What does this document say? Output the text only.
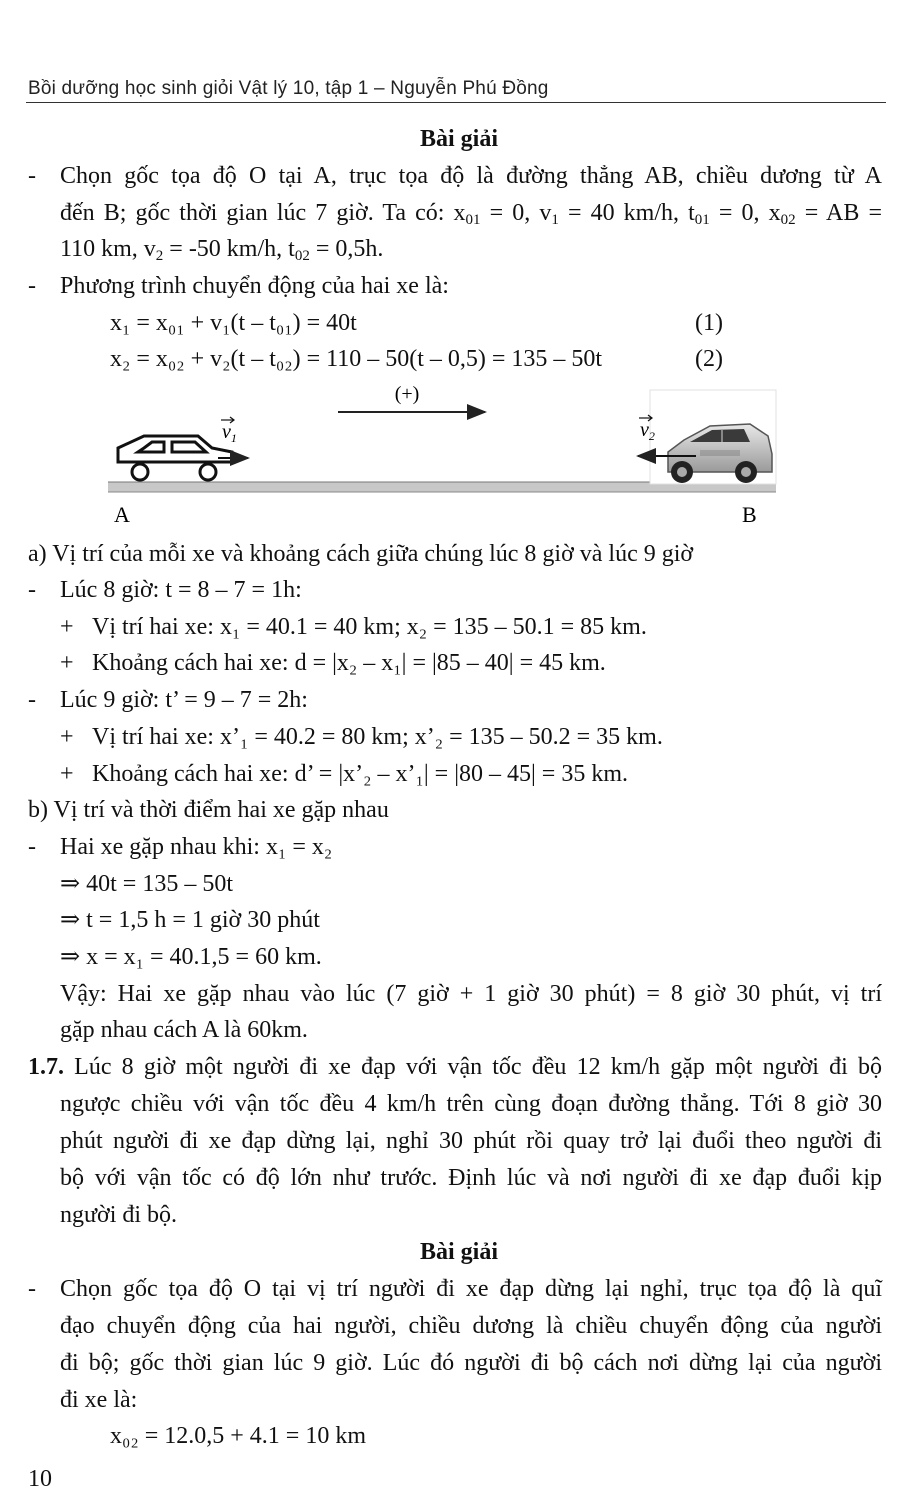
Bồi dưỡng học sinh giỏi Vật lý 10, tập 1 – Nguyễn Phú Đồng
Bài giải
- Chọn gốc tọa độ O tại A, trục tọa độ là đường thẳng AB, chiều dương từ A
đến B; gốc thời gian lúc 7 giờ. Ta có: $x_{01} = 0$, $v_1 = 40$ km/h, $t_{01} = 0$, $x_{02}$ = AB =
110 km, $v_2 = -50$ km/h, $t_{02} = 0,5h$.
- Phương trình chuyển động của hai xe là:
x₁ = x₀₁ + v₁(t – t₀₁) = 40t	(1)
x₂ = x₀₂ + v₂(t – t₀₂) = 110 – 50(t – 0,5) = 135 – 50t	(2)
(+)
$v_1$	$v_2$
A	B
a) Vị trí của mỗi xe và khoảng cách giữa chúng lúc 8 giờ và lúc 9 giờ
- Lúc 8 giờ: t = 8 – 7 = 1h:
+ Vị trí hai xe: x₁ = 40.1 = 40 km; x₂ = 135 – 50.1 = 85 km.
+ Khoảng cách hai xe: d = |x₂ – x₁| = |85 – 40| = 45 km.
- Lúc 9 giờ: t’ = 9 – 7 = 2h:
+ Vị trí hai xe: x’₁ = 40.2 = 80 km; x’₂ = 135 – 50.2 = 35 km.
+ Khoảng cách hai xe: d’ = |x’₂ – x’₁| = |80 – 45| = 35 km.
b) Vị trí và thời điểm hai xe gặp nhau
- Hai xe gặp nhau khi: x₁ = x₂
⇒ 40t = 135 – 50t
⇒ t = 1,5 h = 1 giờ 30 phút
⇒ x = x₁ = 40.1,5 = 60 km.
Vậy: Hai xe gặp nhau vào lúc (7 giờ + 1 giờ 30 phút) = 8 giờ 30 phút, vị trí
gặp nhau cách A là 60km.
1.7. Lúc 8 giờ một người đi xe đạp với vận tốc đều 12 km/h gặp một người đi bộ
ngược chiều với vận tốc đều 4 km/h trên cùng đoạn đường thẳng. Tới 8 giờ 30
phút người đi xe đạp dừng lại, nghỉ 30 phút rồi quay trở lại đuổi theo người đi
bộ với vận tốc có độ lớn như trước. Định lúc và nơi người đi xe đạp đuổi kịp
người đi bộ.
Bài giải
- Chọn gốc tọa độ O tại vị trí người đi xe đạp dừng lại nghỉ, trục tọa độ là quĩ
đạo chuyển động của hai người, chiều dương là chiều chuyển động của người
đi bộ; gốc thời gian lúc 9 giờ. Lúc đó người đi bộ cách nơi dừng lại của người
đi xe là:
x₀₂ = 12.0,5 + 4.1 = 10 km
10
